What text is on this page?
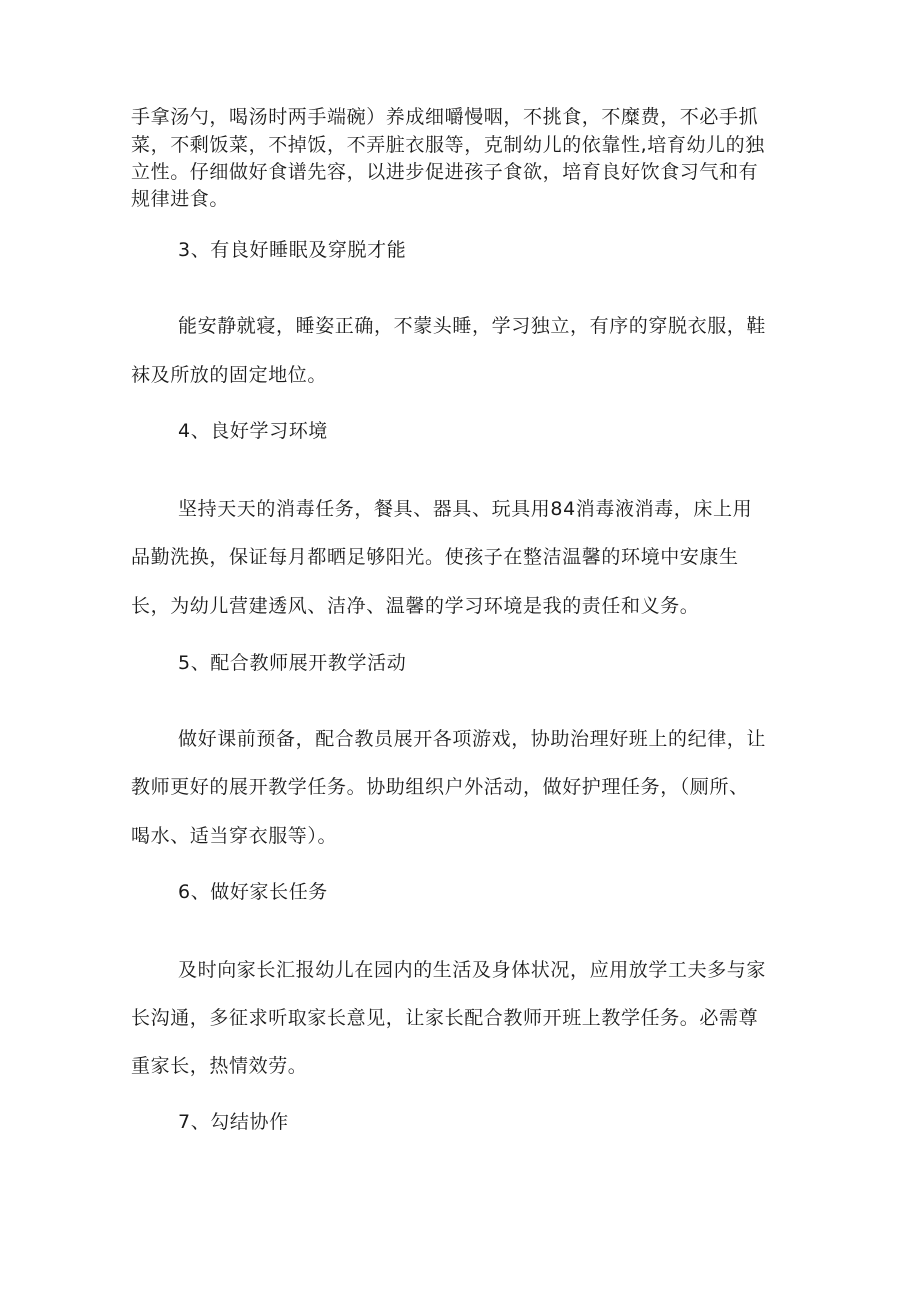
手拿汤勺，喝汤时两手端碗）养成细嚼慢咽，不挑食，不糜费，不必手抓
菜，不剩饭菜，不掉饭，不弄脏衣服等，克制幼儿的依靠性,培育幼儿的独
立性。仔细做好食谱先容，以进步促进孩子食欲，培育良好饮食习气和有
规律进食。
3、有良好睡眠及穿脱才能
能安静就寝，睡姿正确，不蒙头睡，学习独立，有序的穿脱衣服，鞋
袜及所放的固定地位。
4、良好学习环境
坚持天天的消毒任务，餐具、器具、玩具用84消毒液消毒，床上用
品勤洗换，保证每月都晒足够阳光。使孩子在整洁温馨的环境中安康生
长，为幼儿营建透风、洁净、温馨的学习环境是我的责任和义务。
5、配合教师展开教学活动
做好课前预备，配合教员展开各项游戏，协助治理好班上的纪律，让
教师更好的展开教学任务。协助组织户外活动，做好护理任务，（厕所、
喝水、适当穿衣服等）。
6、做好家长任务
及时向家长汇报幼儿在园内的生活及身体状况，应用放学工夫多与家
长沟通，多征求听取家长意见，让家长配合教师开班上教学任务。必需尊
重家长，热情效劳。
7、勾结协作
